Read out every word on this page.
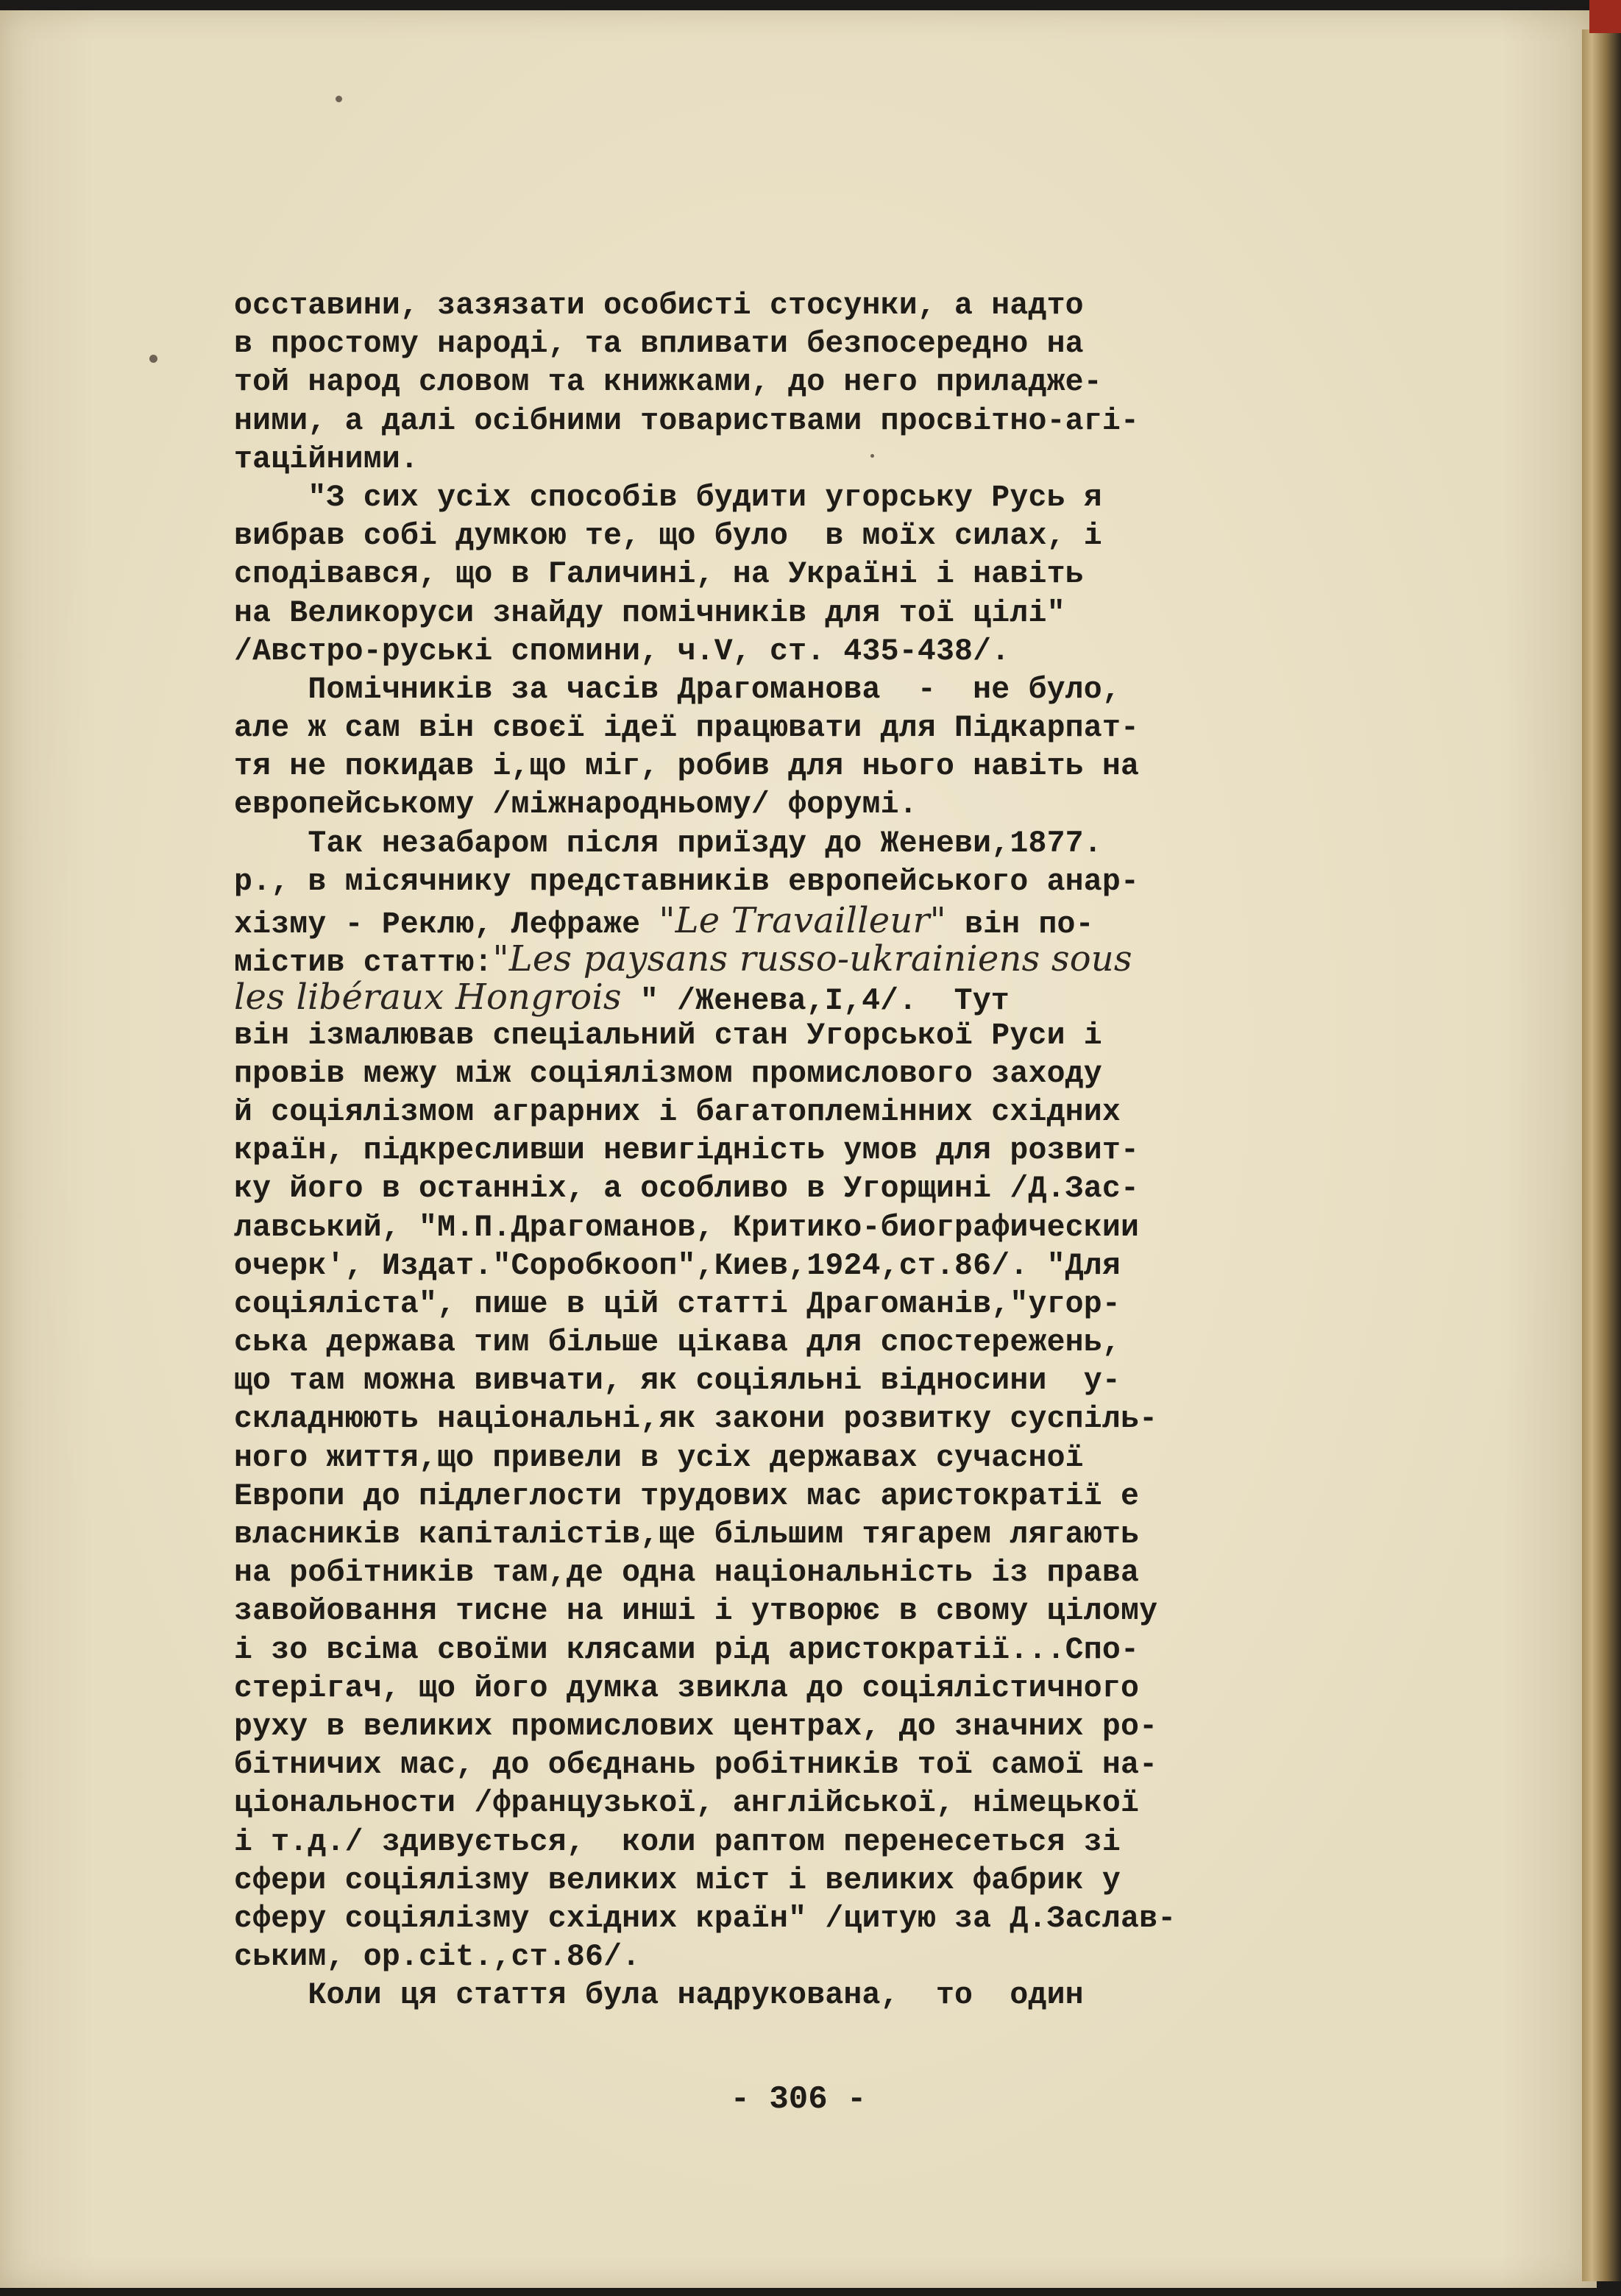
осставини, зазязати особисті стосунки, а надто
в простому народі, та впливати безпосередно на
той народ словом та книжками, до него приладже-
ними, а далі осібними товариствами просвітно-агі-
таційними.
"З сих усіх способів будити угорську Русь я
вибрав собі думкою те, що було  в моїх силах, і
сподівався, що в Галичині, на Україні і навіть
на Великоруси знайду помічників для тої цілі"
/Австро-руські спомини, ч.V, ст. 435-438/.
Помічників за часів Драгоманова  -  не було,
але ж сам він своєї ідеї працювати для Підкарпат-
тя не покидав і,що міг, робив для нього навіть на
европейському /міжнародньому/ форумі.
Так незабаром після приїзду до Женеви,1877.
р., в місячнику представників европейського анар-
хізму - Реклю, Лефраже "Le Travailleur" він по-
містив статтю:"Les paysans russo-ukrainiens sous
les libéraux Hongrois " /Женева,І,4/.  Тут
він ізмалював спеціальний стан Угорської Руси і
провів межу між соціялізмом промислового заходу
й соціялізмом аграрних і багатоплемінних східних
країн, підкресливши невигідність умов для розвит-
ку його в останніх, а особливо в Угорщині /Д.Зас-
лавський, "М.П.Драгоманов, Критико-биографическии
очерк', Издат."Соробкооп",Киев,1924,ст.86/. "Для
соціяліста", пише в цій статті Драгоманів,"угор-
ська держава тим більше цікава для спостережень,
що там можна вивчати, як соціяльні відносини  у-
складнюють національні,як закони розвитку суспіль-
ного життя,що привели в усіх державах сучасної
Европи до підлеглости трудових мас аристократії е
власників капіталістів,ще більшим тягарем лягають
на робітників там,де одна національність із права
завойовання тисне на инші і утворює в свому цілому
і зо всіма своїми клясами рід аристократії...Спо-
стерігач, що його думка звикла до соціялістичного
руху в великих промислових центрах, до значних ро-
бітничих мас, до обєднань робітників тої самої на-
ціональности /французької, англійської, німецької
і т.д./ здивується,  коли раптом перенесеться зі
сфери соціялізму великих міст і великих фабрик у
сферу соціялізму східних країн" /цитую за Д.Заслав-
ським, op.cit.,ст.86/.
Коли ця стаття була надрукована,  то  один
- 306 -
